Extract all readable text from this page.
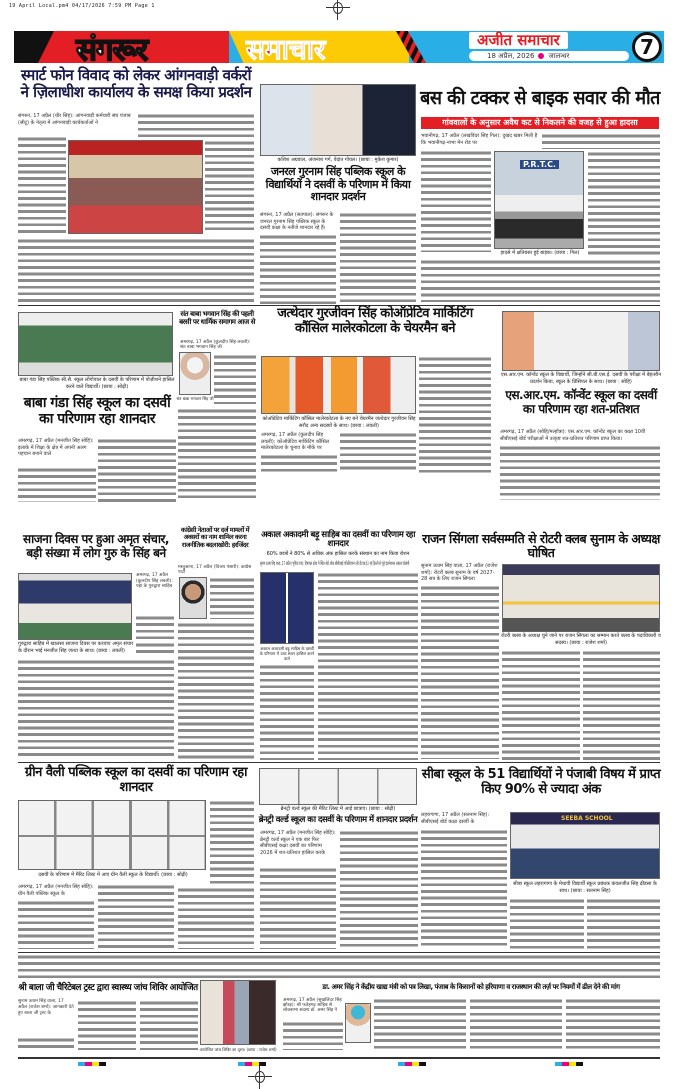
19 April Local.pm4 04/17/2026 7:59 PM Page 1
संगरूर	समाचार	अजीत समाचार
18 अप्रैल, 2026 जालन्धर	7
स्मार्ट फोन विवाद को लेकर आंगनवाड़ी वर्करों ने ज़िलाधीश कार्यालय के समक्ष किया प्रदर्शन
संगरूर, 17 अप्रैल (धीर सिंह): आंगनवाड़ी कर्मचारी संघ पंजाब (सीटू) के नेतृत्व में आंगनवाड़ी कार्यकर्ताओं ने
कशिश अग्रवाल, अंजनाश गर्ग, वेदांत गोयल। (छाया : मुकेश कुमार)
जनरल गुरनाम सिंह पब्लिक स्कूल के विद्यार्थियों ने दसवीं के परिणाम में किया शानदार प्रदर्शन
संगरूर, 17 अप्रैल (सतपाल): संगरूर के जनरल गुरनाम सिंह पब्लिक स्कूल के दसवीं कक्षा के नतीजे शानदार रहे हैं।
बस की टक्कर से बाइक सवार की मौत
गांववालों के अनुसार अवैध कट से निकलने की वजह से हुआ हादसा
भवानीगढ़, 17 अप्रैल (लखविंदर सिंह गिल): दुखद खबर मिली है कि भवानीगढ़-नाभा मेन रोड पर
P.R.T.C.
हादसे में क्षतिग्रस्त हुई बाइक। (छाया : गिल)
बाबा गंडा सिंह पब्लिक सी.सै. स्कूल लोंगोवाल के दसवीं के परिणाम में पोज़ीशनें हासिल करने वाले विद्यार्थी। (छाया : सोढ़ी)
बाबा गंडा सिंह स्कूल का दसवीं का परिणाम रहा शानदार
अमरगढ़, 17 अप्रैल (मनजीत सिंह सोहि): इलाके में शिक्षा के क्षेत्र में अपनी अलग पहचान बनाने वाले
संत बाबा भगवान सिंह की पहली बरसी पर धार्मिक समागम आज से
अमरगढ़, 17 अप्रैल (कुलदीप सिंह लवली): संत बाबा भगवान सिंह जी
संत बाबा भगवान सिंह जी
जत्थेदार गुरजीवन सिंह कोऑप्रेटिव मार्किटिंग कौंसिल मालेरकोटला के चेयरमैन बने
कोऑप्रेटिव मार्किटिंग कौंसिल मालेरकोटला के नए बने चेयरमैन जत्थेदार गुरजीवन सिंह सरौद अन्य सदस्यों के साथ। (छाया : लवली)
अमरगढ़, 17 अप्रैल (कुलदीप सिंह लवली): कोऑप्रेटिव मार्किटिंग कौंसिल मालेरकोटला के चुनाव के मौके पर
एस.आर.एम. कॉन्वेंट स्कूल के विद्यार्थी, जिन्होंने सी.बी.एस.ई. दसवीं के परीक्षा में बेहतरीन प्रदर्शन किया, स्कूल के प्रिंसिपल के साथ। (छाया : सोहि)
एस.आर.एम. कॉन्वेंट स्कूल का दसवीं का परिणाम रहा शत-प्रतिशत
अमरगढ़, 17 अप्रैल (सोहि/मल्होत्रा): एस.आर.एम. कॉन्वेंट स्कूल का कक्षा 10वीं सीबीएसई बोर्ड परीक्षाओं में उत्कृष्ट शत-प्रतिशत परिणाम प्राप्त किया।
राजन सिंगला सर्वसम्मति से रोटरी क्लब सुनाम के अध्यक्ष घोषित
सुनाम ऊधम सिंह वाला, 17 अप्रैल (राजेश शर्मा): रोटरी क्लब सुनाम के वर्ष 2027-28 सत्र के लिए राजन सिंगला
रोटरी क्लब के अध्यक्ष चुने जाने पर राजन सिंगला का सम्मान करते क्लब के पदाधिकारी व सदस्य। (छाया : राजेश शर्मा)
साजना दिवस पर हुआ अमृत संचार, बड़ी संख्या में लोग गुरु के सिंह बने
अमरगढ़, 17 अप्रैल (कुलदीप सिंह लवली): यहां के गुरुद्वारा साहिब
गुरुद्वारा साहिब में खालसा साजना दिवस पर करवाए अमृत संचार के दौरान भाई मनजीत सिंह जत्था के साथ। (छाया : लवली)
कांग्रेसी नेताओं पर दर्ज मामलों में अवसरों का नाम शामिल करना राजनीतिक बदलाखोरी: हरजिंदर
मस्तुआना, 17 अप्रैल (विजय पंसारी): कांग्रेस पार्टी
अकाल अकादमी बड़ू साहिब का दसवीं का परिणाम रहा शानदार
60% छात्रों ने 80% से अधिक अंक हासिल करके संस्थान का नाम किया रोशन
सुनाम ऊधम सिंह वाला, 17 अप्रैल (भूपिंदर राय): हिमाचल प्रदेश में स्थित बोर्ड ऑफ़ सीबीएसई एफ़िलिएशन (सी.बी.एस.ई.) नई दिल्ली से जुड़े इंटरनेशनल अकाल एकेडमी
अकाल अकादमी बड़ू साहिब के दसवीं के परिणाम में उच्च स्थान हासिल करने वाले
ग्रीन वैली पब्लिक स्कूल का दसवीं का परिणाम रहा शानदार
दसवीं के परिणाम में मैरिट लिस्ट में आए ग्रीन वैली स्कूल के विद्यार्थी। (छाया : सोढ़ी)
अमरगढ़, 17 अप्रैल (मनजीत सिंह सोहि): ग्रीन वैली पब्लिक स्कूल के
ब्रेनट्री वर्ल्ड स्कूल की मैरिट लिस्ट में आई छात्राएं। (छाया : सोढ़ी)
ब्रेनट्री वर्ल्ड स्कूल का दसवीं के परिणाम में शानदार प्रदर्शन
अमरगढ़, 17 अप्रैल (मनजीत सिंह सोहि): ब्रेनट्री वर्ल्ड स्कूल ने एक बार फिर सीबीएसई कक्षा दसवीं का परिणाम 2026 में शत-प्रतिशत हासिल करके
सीबा स्कूल के 51 विद्यार्थियों ने पंजाबी विषय में प्राप्त किए 90% से ज्यादा अंक
लहरागागा, 17 अप्रैल (सतनाम सिंह): सीबीएसई बोर्ड कक्षा दसवीं के	SEEBA SCHOOL
सीबा स्कूल लहरागागा के मेधावी विद्यार्थी स्कूल प्रबंधक कंवलजीत सिंह ढींडसा के साथ। (छाया : सतनाम सिंह)
श्री बाला जी चैरिटेबल ट्रस्ट द्वारा स्वास्थ्य जांच शिविर आयोजित
सुनाम ऊधम सिंह वाला, 17 अप्रैल (राजेश शर्मा): जानकारी देते हुए बाला जी ट्रस्ट के
आयोजित जांच शिविर का दृश्य। (छाया : राजेश शर्मा)
डा. अमर सिंह ने केंद्रीय खाद्य मंत्री को पत्र लिखा, पंजाब के किसानों को हरियाणा व राजस्थान की तर्ज़ पर नियमों में ढील देने की मांग
अमरगढ़, 17 अप्रैल (सुखजिंदर सिंह झोरड़): श्री फतेहगढ़ साहिब से लोकसभा सदस्य डॉ. अमर सिंह ने
